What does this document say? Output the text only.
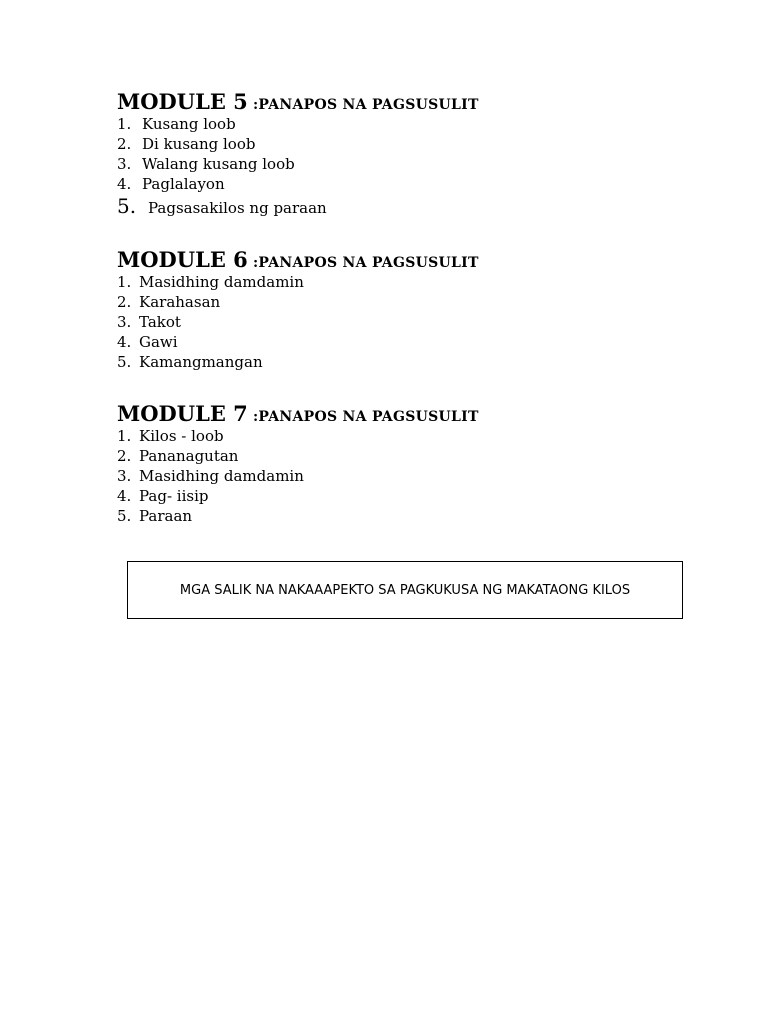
MODULE 5 :PANAPOS NA PAGSUSULIT
1. Kusang loob
2. Di kusang loob
3. Walang kusang loob
4. Paglalayon
5. Pagsasakilos ng paraan
MODULE 6 :PANAPOS NA PAGSUSULIT
1. Masidhing damdamin
2. Karahasan
3. Takot
4. Gawi
5. Kamangmangan
MODULE 7 :PANAPOS NA PAGSUSULIT
1. Kilos - loob
2. Pananagutan
3. Masidhing damdamin
4. Pag- iisip
5. Paraan
MGA SALIK NA NAKAAAPEKTO SA PAGKUKUSA NG MAKATAONG KILOS
